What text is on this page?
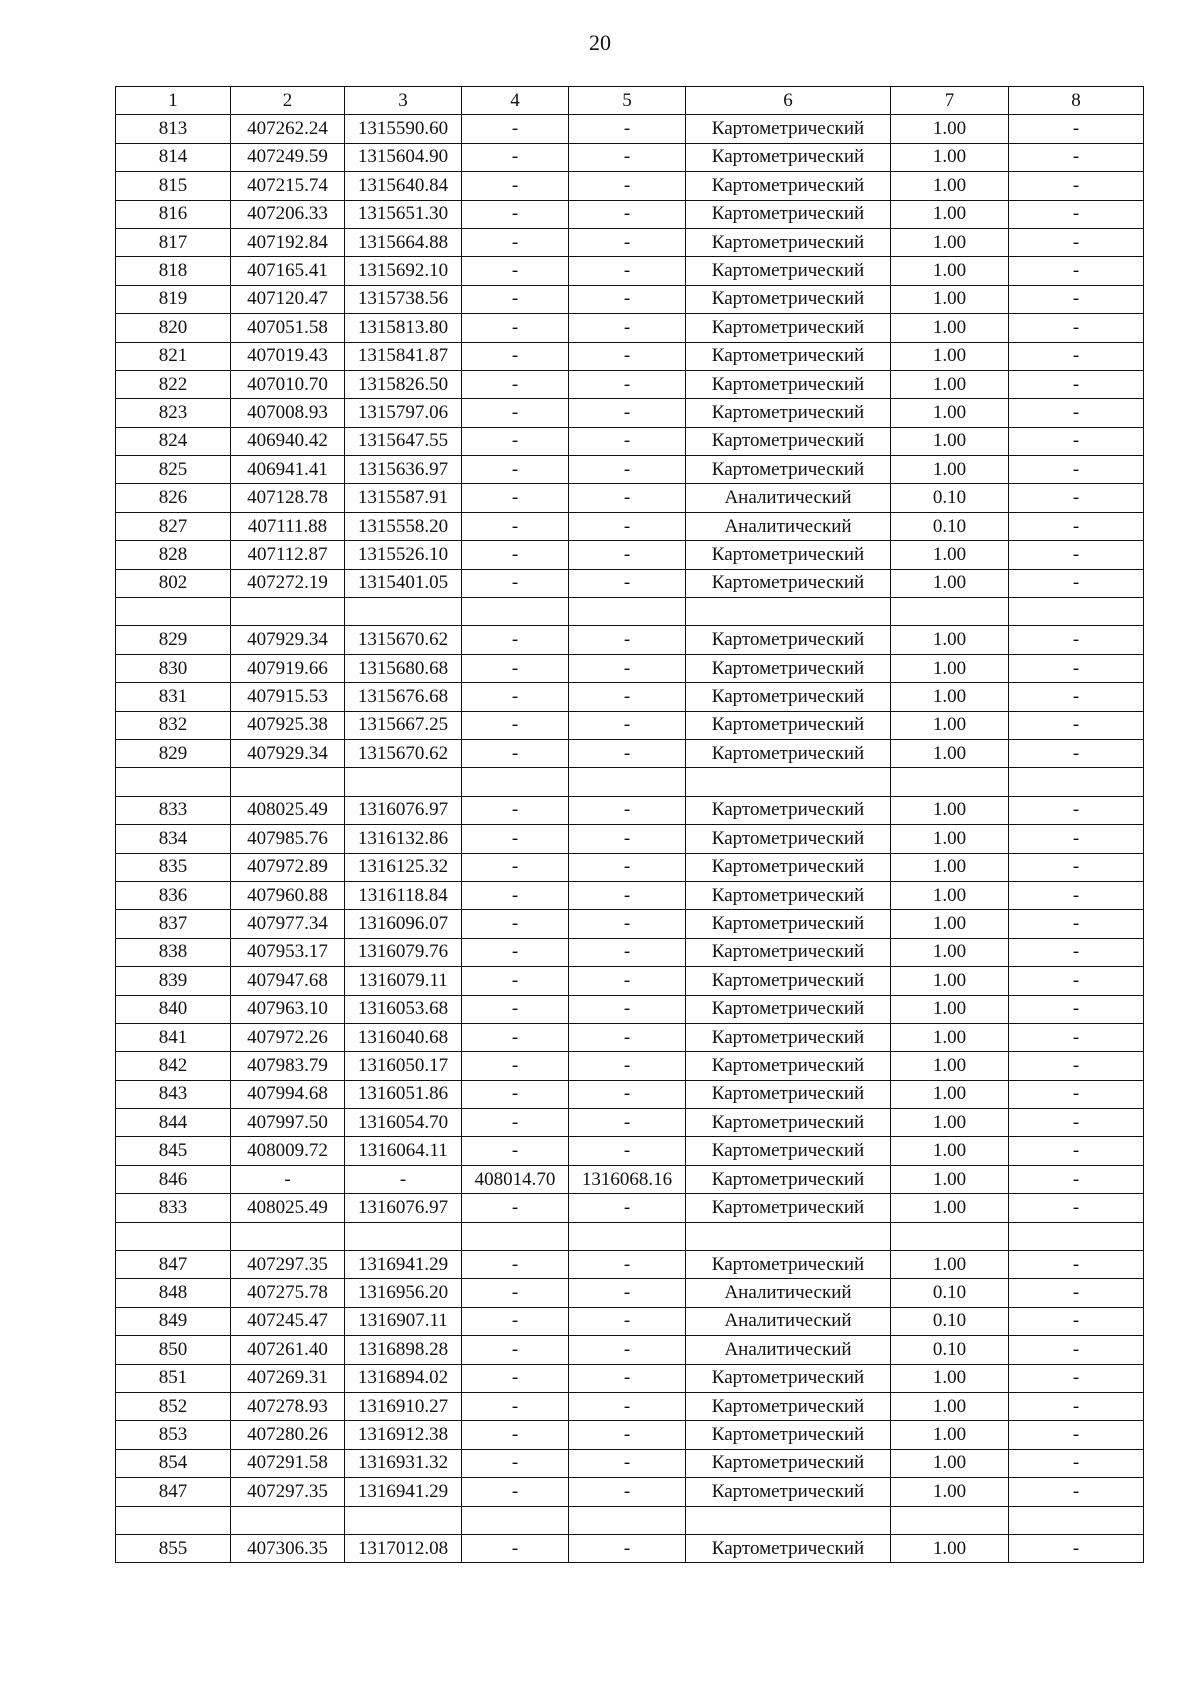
20
1	2	3	4	5	6	7	8
813	407262.24	1315590.60	-	-	Картометрический	1.00	-
814	407249.59	1315604.90	-	-	Картометрический	1.00	-
815	407215.74	1315640.84	-	-	Картометрический	1.00	-
816	407206.33	1315651.30	-	-	Картометрический	1.00	-
817	407192.84	1315664.88	-	-	Картометрический	1.00	-
818	407165.41	1315692.10	-	-	Картометрический	1.00	-
819	407120.47	1315738.56	-	-	Картометрический	1.00	-
820	407051.58	1315813.80	-	-	Картометрический	1.00	-
821	407019.43	1315841.87	-	-	Картометрический	1.00	-
822	407010.70	1315826.50	-	-	Картометрический	1.00	-
823	407008.93	1315797.06	-	-	Картометрический	1.00	-
824	406940.42	1315647.55	-	-	Картометрический	1.00	-
825	406941.41	1315636.97	-	-	Картометрический	1.00	-
826	407128.78	1315587.91	-	-	Аналитический	0.10	-
827	407111.88	1315558.20	-	-	Аналитический	0.10	-
828	407112.87	1315526.10	-	-	Картометрический	1.00	-
802	407272.19	1315401.05	-	-	Картометрический	1.00	-

829	407929.34	1315670.62	-	-	Картометрический	1.00	-
830	407919.66	1315680.68	-	-	Картометрический	1.00	-
831	407915.53	1315676.68	-	-	Картометрический	1.00	-
832	407925.38	1315667.25	-	-	Картометрический	1.00	-
829	407929.34	1315670.62	-	-	Картометрический	1.00	-

833	408025.49	1316076.97	-	-	Картометрический	1.00	-
834	407985.76	1316132.86	-	-	Картометрический	1.00	-
835	407972.89	1316125.32	-	-	Картометрический	1.00	-
836	407960.88	1316118.84	-	-	Картометрический	1.00	-
837	407977.34	1316096.07	-	-	Картометрический	1.00	-
838	407953.17	1316079.76	-	-	Картометрический	1.00	-
839	407947.68	1316079.11	-	-	Картометрический	1.00	-
840	407963.10	1316053.68	-	-	Картометрический	1.00	-
841	407972.26	1316040.68	-	-	Картометрический	1.00	-
842	407983.79	1316050.17	-	-	Картометрический	1.00	-
843	407994.68	1316051.86	-	-	Картометрический	1.00	-
844	407997.50	1316054.70	-	-	Картометрический	1.00	-
845	408009.72	1316064.11	-	-	Картометрический	1.00	-
846	-	-	408014.70	1316068.16	Картометрический	1.00	-
833	408025.49	1316076.97	-	-	Картометрический	1.00	-

847	407297.35	1316941.29	-	-	Картометрический	1.00	-
848	407275.78	1316956.20	-	-	Аналитический	0.10	-
849	407245.47	1316907.11	-	-	Аналитический	0.10	-
850	407261.40	1316898.28	-	-	Аналитический	0.10	-
851	407269.31	1316894.02	-	-	Картометрический	1.00	-
852	407278.93	1316910.27	-	-	Картометрический	1.00	-
853	407280.26	1316912.38	-	-	Картометрический	1.00	-
854	407291.58	1316931.32	-	-	Картометрический	1.00	-
847	407297.35	1316941.29	-	-	Картометрический	1.00	-

855	407306.35	1317012.08	-	-	Картометрический	1.00	-
